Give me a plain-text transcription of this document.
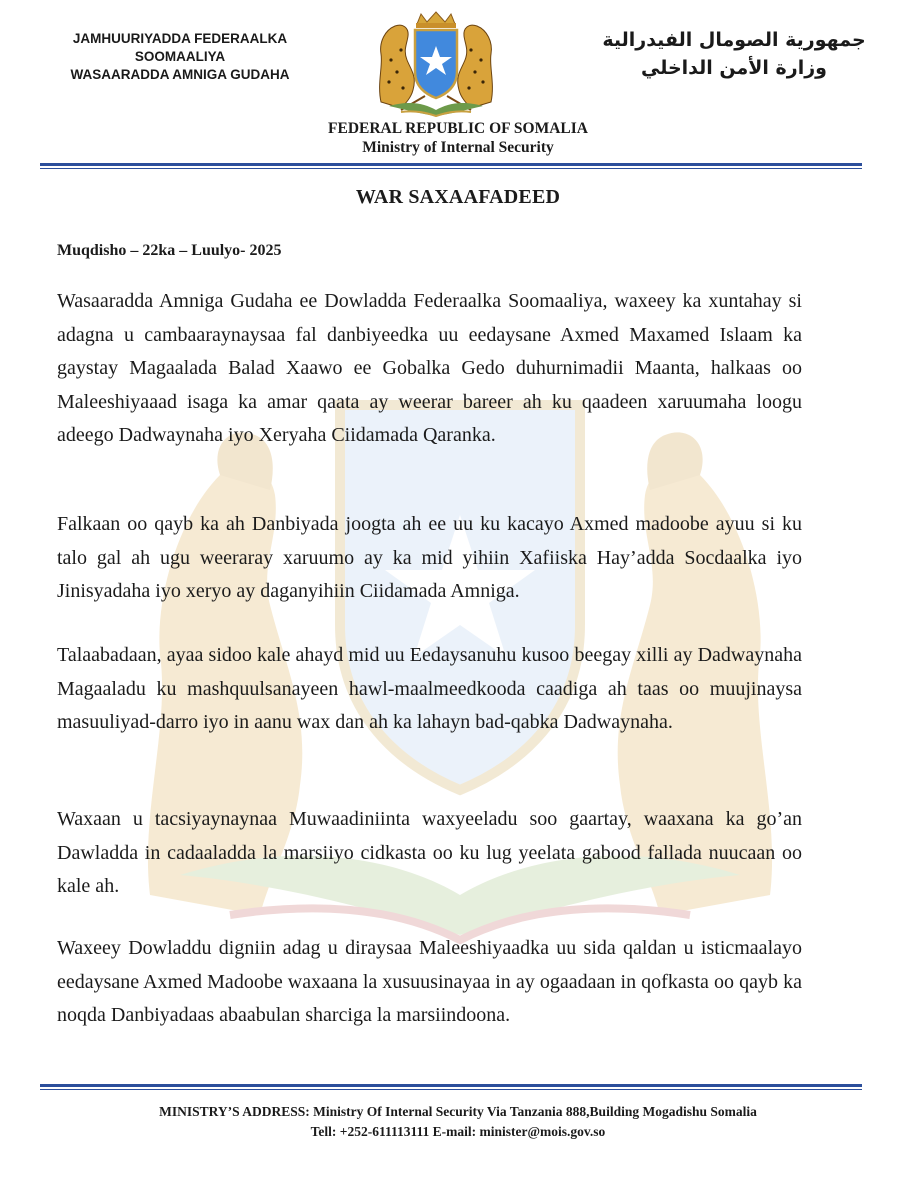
JAMHUURIYADDA FEDERAALKA
SOOMAALIYA
WASAARADDA AMNIGA GUDAHA
جمهورية الصومال الفيدرالية
وزارة الأمن الداخلي
FEDERAL REPUBLIC OF SOMALIA
Ministry of Internal Security
WAR SAXAAFADEED
Muqdisho – 22ka – Luulyo- 2025
Wasaaradda Amniga Gudaha ee Dowladda Federaalka Soomaaliya, waxeey ka xuntahay si adagna u cambaaraynaysaa fal danbiyeedka uu eedaysane Axmed Maxamed Islaam ka gaystay Magaalada Balad Xaawo ee Gobalka Gedo duhurnimadii Maanta, halkaas oo Maleeshiyaaad isaga ka amar qaata ay weerar bareer ah ku qaadeen xaruumaha loogu adeego Dadwaynaha iyo Xeryaha Ciidamada Qaranka.
Falkaan oo qayb ka ah Danbiyada joogta ah ee uu ku kacayo Axmed madoobe ayuu si ku talo gal ah ugu weeraray xaruumo ay ka mid yihiin Xafiiska Hay’adda Socdaalka iyo Jinisyadaha iyo xeryo ay daganyihiin Ciidamada Amniga.
Talaabadaan, ayaa sidoo kale ahayd mid uu Eedaysanuhu kusoo beegay xilli ay Dadwaynaha Magaaladu ku mashquulsanayeen hawl-maalmeedkooda caadiga ah taas oo muujinaysa masuuliyad-darro iyo in aanu wax dan ah ka lahayn bad-qabka Dadwaynaha.
Waxaan u tacsiyaynaynaa Muwaadiniinta waxyeeladu soo gaartay, waaxana ka go’an Dawladda in cadaaladda la marsiiyo cidkasta oo ku lug yeelata gabood fallada nuucaan oo kale ah.
Waxeey Dowladdu digniin adag u diraysaa Maleeshiyaadka uu sida qaldan u isticmaalayo eedaysane Axmed Madoobe waxaana la xusuusinayaa in ay ogaadaan in qofkasta oo qayb ka noqda Danbiyadaas abaabulan sharciga la marsiindoona.
MINISTRY’S ADDRESS: Ministry Of Internal Security Via Tanzania 888,Building Mogadishu Somalia
Tell: +252-611113111 E-mail: minister@mois.gov.so
